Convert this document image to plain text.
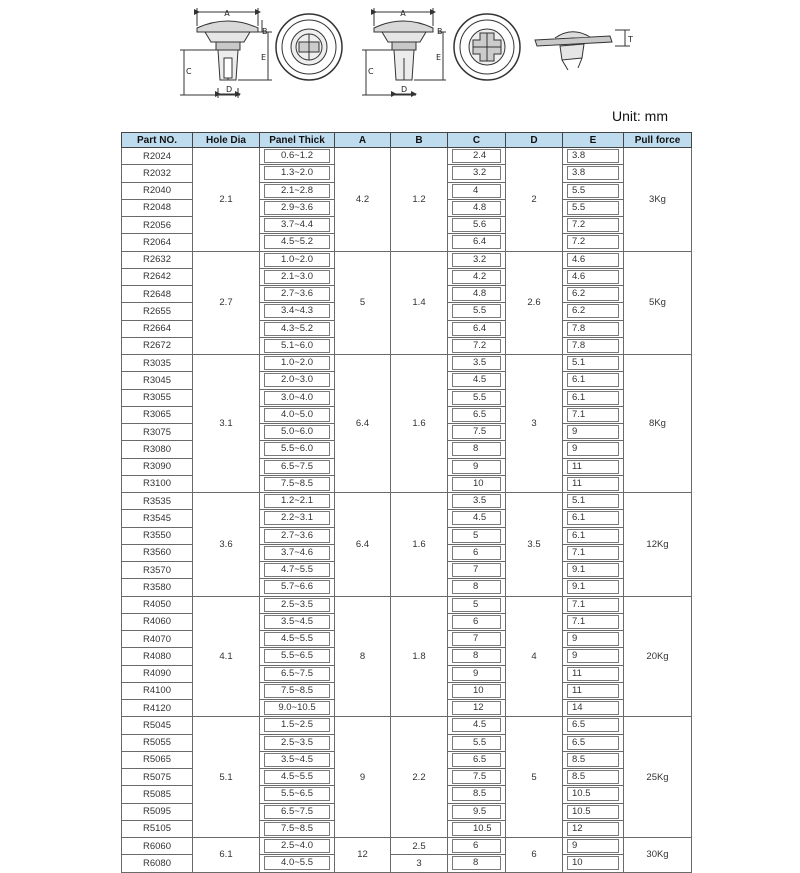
A
B
E
C
D
A
B
E
C
D
T
Unit: mm
Part NO.	Hole Dia	Panel Thick	A	B	C	D	E	Pull force
R2024	2.1	0.6~1.2	4.2	1.2	2.4	2	3.8	3Kg
R2032		1.3~2.0			3.2		3.8	

R2040		2.1~2.8			4		5.5	

R2048		2.9~3.6			4.8		5.5	

R2056		3.7~4.4			5.6		7.2	

R2064		4.5~5.2			6.4		7.2	

R2632	2.7	1.0~2.0	5	1.4	3.2	2.6	4.6	5Kg
R2642		2.1~3.0			4.2		4.6	

R2648		2.7~3.6			4.8		6.2	

R2655		3.4~4.3			5.5		6.2	

R2664		4.3~5.2			6.4		7.8	

R2672		5.1~6.0			7.2		7.8	

R3035	3.1	1.0~2.0	6.4	1.6	3.5	3	5.1	8Kg
R3045		2.0~3.0			4.5		6.1	

R3055		3.0~4.0			5.5		6.1	

R3065		4.0~5.0			6.5		7.1	

R3075		5.0~6.0			7.5		9	

R3080		5.5~6.0			8		9	

R3090		6.5~7.5			9		11	

R3100		7.5~8.5			10		11	

R3535	3.6	1.2~2.1	6.4	1.6	3.5	3.5	5.1	12Kg
R3545		2.2~3.1			4.5		6.1	

R3550		2.7~3.6			5		6.1	

R3560		3.7~4.6			6		7.1	

R3570		4.7~5.5			7		9.1	

R3580		5.7~6.6			8		9.1	

R4050	4.1	2.5~3.5	8	1.8	5	4	7.1	20Kg
R4060		3.5~4.5			6		7.1	

R4070		4.5~5.5			7		9	

R4080		5.5~6.5			8		9	

R4090		6.5~7.5			9		11	

R4100		7.5~8.5			10		11	

R4120		9.0~10.5			12		14	

R5045	5.1	1.5~2.5	9	2.2	4.5	5	6.5	25Kg
R5055		2.5~3.5			5.5		6.5	

R5065		3.5~4.5			6.5		8.5	

R5075		4.5~5.5			7.5		8.5	

R5085		5.5~6.5			8.5		10.5	

R5095		6.5~7.5			9.5		10.5	

R5105		7.5~8.5			10.5		12	

R6060	6.1	2.5~4.0	12	2.5	6	6	9	30Kg
R6080		4.0~5.5		3	8		10	
